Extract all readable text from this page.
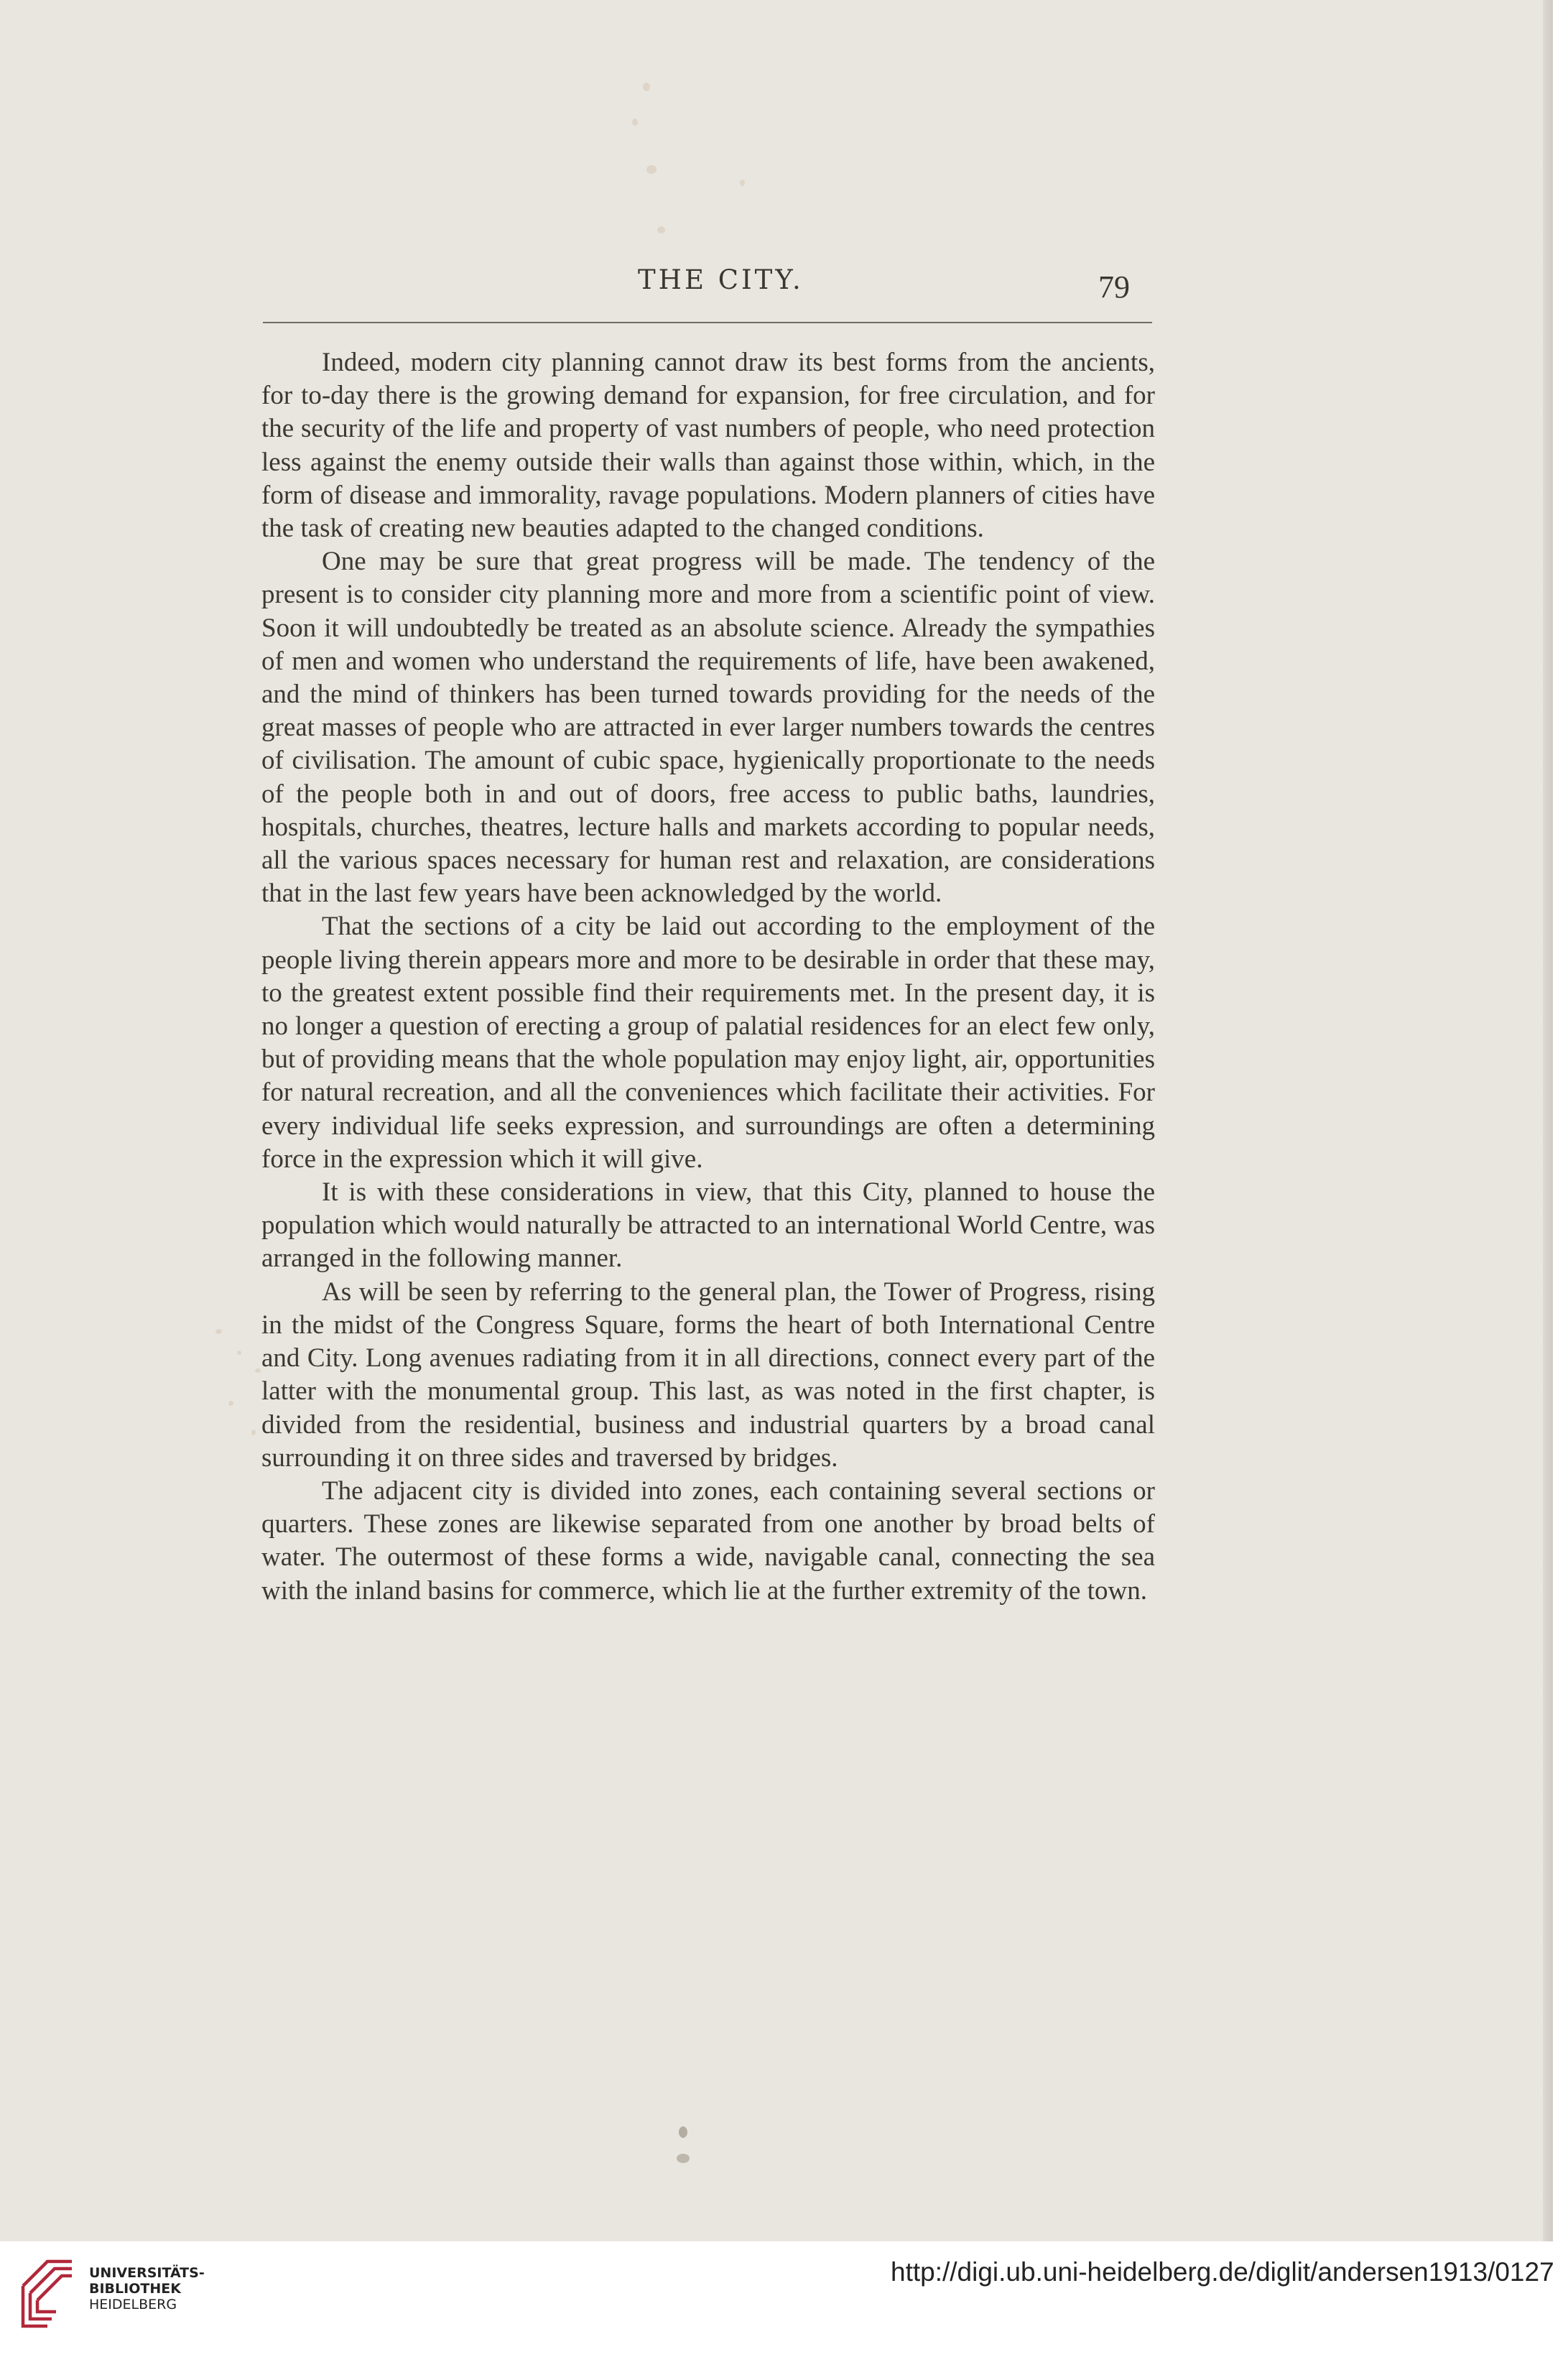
THE CITY.	79

Indeed, modern city planning cannot draw its best forms from the ancients, for to-day there is the growing demand for expansion, for free circulation, and for the security of the life and property of vast numbers of people, who need protection less against the enemy outside their walls than against those within, which, in the form of disease and immorality, ravage populations. Modern planners of cities have the task of creating new beauties adapted to the changed conditions.

One may be sure that great progress will be made. The tendency of the present is to consider city planning more and more from a scientific point of view. Soon it will undoubtedly be treated as an absolute science. Already the sympathies of men and women who understand the requirements of life, have been awakened, and the mind of thinkers has been turned towards providing for the needs of the great masses of people who are attracted in ever larger numbers towards the centres of civilisation. The amount of cubic space, hygienically proportionate to the needs of the people both in and out of doors, free access to public baths, laundries, hospitals, churches, theatres, lecture halls and markets according to popular needs, all the various spaces necessary for human rest and relaxation, are considerations that in the last few years have been acknowledged by the world.

That the sections of a city be laid out according to the employment of the people living therein appears more and more to be desirable in order that these may, to the greatest extent possible find their requirements met. In the present day, it is no longer a question of erecting a group of palatial residences for an elect few only, but of providing means that the whole population may enjoy light, air, opportunities for natural recreation, and all the conveniences which facilitate their activities. For every individual life seeks expression, and surroundings are often a determining force in the expression which it will give.

It is with these considerations in view, that this City, planned to house the population which would naturally be attracted to an international World Centre, was arranged in the following manner.

As will be seen by referring to the general plan, the Tower of Progress, rising in the midst of the Congress Square, forms the heart of both International Centre and City. Long avenues radiating from it in all directions, connect every part of the latter with the monumental group. This last, as was noted in the first chapter, is divided from the residential, business and industrial quarters by a broad canal surrounding it on three sides and traversed by bridges.

The adjacent city is divided into zones, each containing several sections or quarters. These zones are likewise separated from one another by broad belts of water. The outermost of these forms a wide, navigable canal, connecting the sea with the inland basins for commerce, which lie at the further extremity of the town.

UNIVERSITÄTS-
BIBLIOTHEK
HEIDELBERG
http://digi.ub.uni-heidelberg.de/diglit/andersen1913/0127
